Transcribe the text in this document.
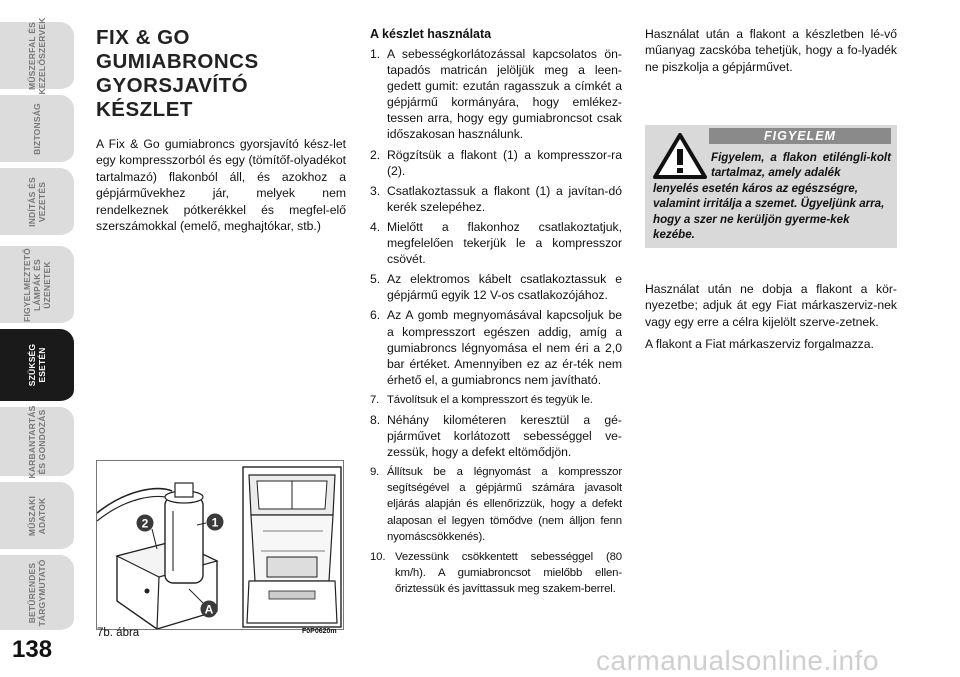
MŰSZERFAL ÉS
KEZELŐSZERVEK
BIZTONSÁG
INDÍTÁS ÉS
VEZETÉS
FIGYELMEZTETŐ
LÁMPÁK ÉS
ÜZENETEK
SZÜKSÉG
ESETÉN
KARBANTARTÁS
ÉS GONDOZÁS
MŰSZAKI
ADATOK
BETŰRENDES
TÁRGYMUTATÓ
138
FIX & GO
GUMIABRONCS
GYORSJAVÍTÓ
KÉSZLET

A Fix & Go gumiabroncs gyorsjavító kész-let egy kompresszorból és egy (tömítőf-olyadékot tartalmazó) flakonból áll, és azokhoz a gépjárművekhez jár, melyek nem rendelkeznek pótkerékkel és megfel-elő szerszámokkal (emelő, meghajtókar, stb.)

1
2
A
7b. ábra	F0P0620m
A készlet használata
1. A sebességkorlátozással kapcsolatos ön-tapadós matricán jelöljük meg a leen-gedett gumit: ezután ragasszuk a címkét a gépjármű kormányára, hogy emlékez-tessen arra, hogy egy gumiabroncsot csak időszakosan használunk.
2. Rögzítsük a flakont (1) a kompresszor-ra (2).
3. Csatlakoztassuk a flakont (1) a javítan-dó kerék szelepéhez.
4. Mielőtt a flakonhoz csatlakoztatjuk, megfelelően tekerjük le a kompresszor csövét.
5. Az elektromos kábelt csatlakoztassuk e gépjármű egyik 12 V-os csatlakozójához.
6. Az A gomb megnyomásával kapcsoljuk be a kompresszort egészen addig, amíg a gumiabroncs légnyomása el nem éri a 2,0 bar értéket. Amennyiben ez az ér-ték nem érhető el, a gumiabroncs nem javítható.
7. Távolítsuk el a kompresszort és tegyük le.
8. Néhány kilométeren keresztül a gé-pjárművet korlátozott sebességgel ve-zessük, hogy a defekt eltömődjön.
9. Állítsuk be a légnyomást a kompresszor segítségével a gépjármű számára javasolt eljárás alapján és ellenőrizzük, hogy a defekt alaposan el legyen tömődve (nem álljon fenn nyomáscsökkenés).
10. Vezessünk csökkentett sebességgel (80 km/h). A gumiabroncsot mielőbb ellen-őriztessük és javíttassuk meg szakem-berrel.

Használat után a flakont a készletben lé-vő műanyag zacskóba tehetjük, hogy a fo-lyadék ne piszkolja a gépjárművet.

FIGYELEM
Figyelem, a flakon etiléngli-kolt tartalmaz, amely adalék
lenyelés esetén káros az egészségre, valamint irritálja a szemet. Ügyeljünk arra, hogy a szer ne kerüljön gyerme-kek kezébe.

Használat után ne dobja a flakont a kör-nyezetbe; adjuk át egy Fiat márkaszerviz-nek vagy egy erre a célra kijelölt szerve-zetnek.

A flakont a Fiat márkaszerviz forgalmazza.

carmanualsonline.info
